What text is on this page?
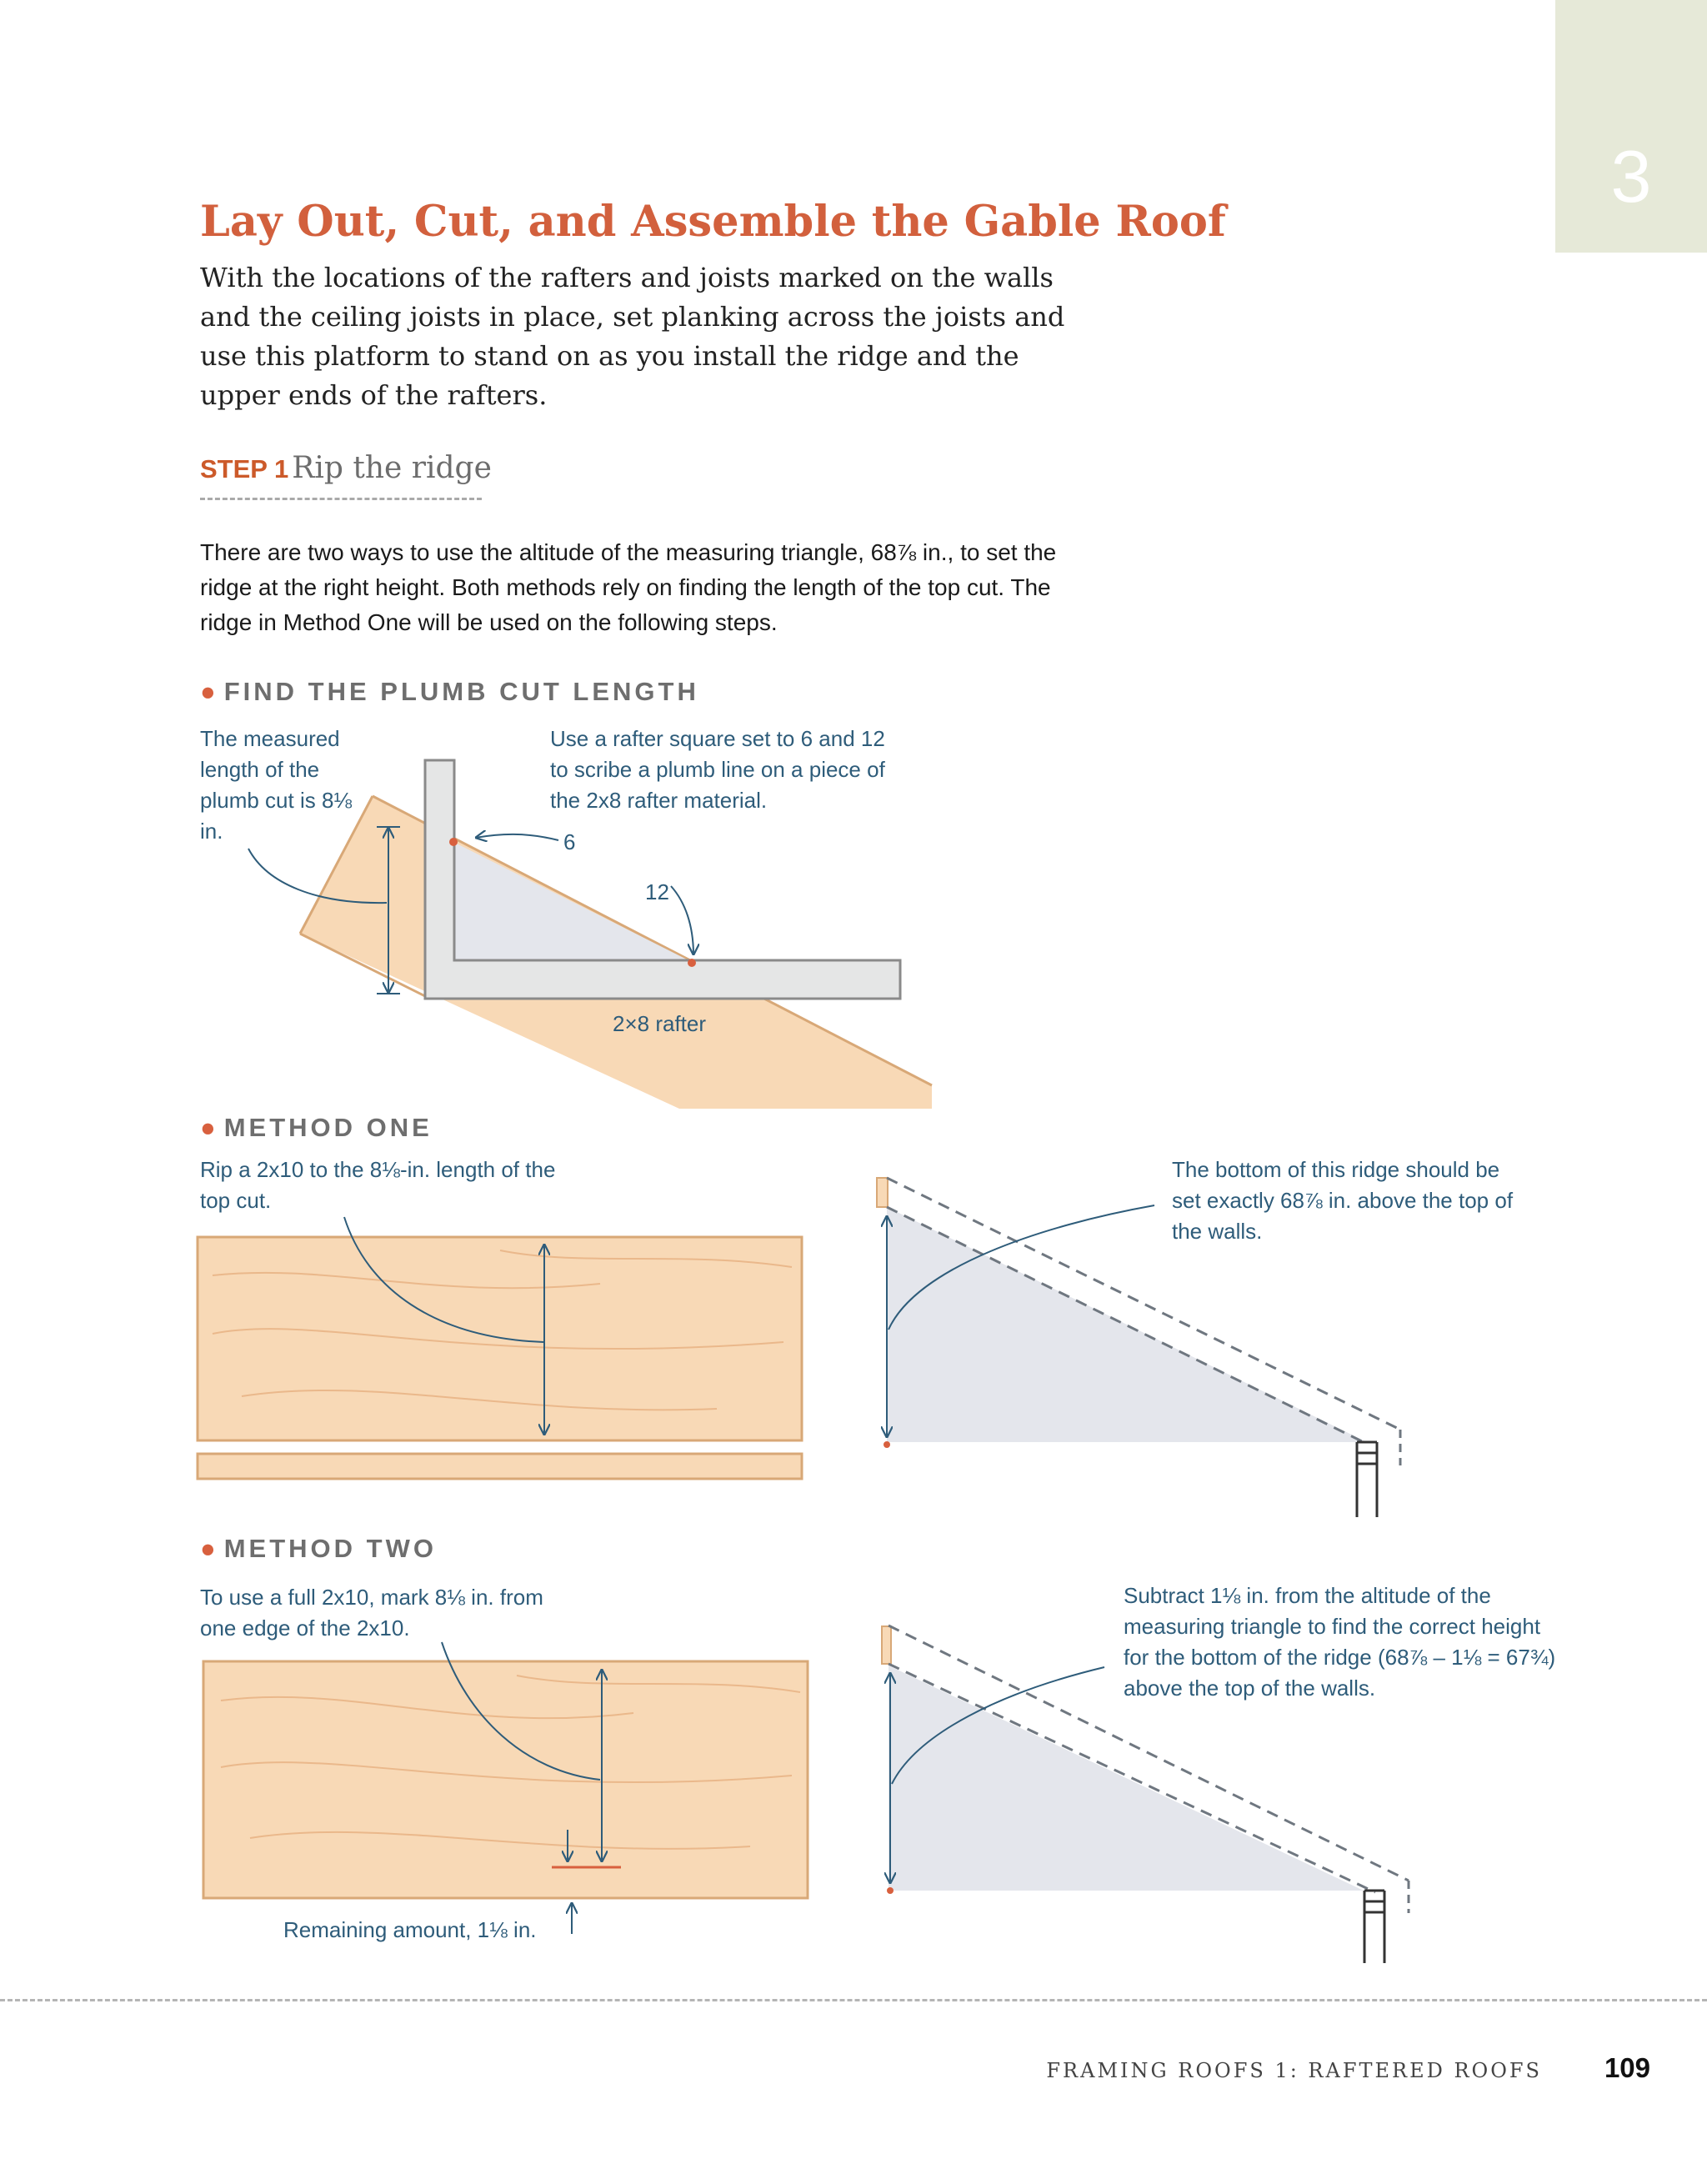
3
Lay Out, Cut, and Assemble the Gable Roof
With the locations of the rafters and joists marked on the walls and the ceiling joists in place, set planking across the joists and use this platform to stand on as you install the ridge and the upper ends of the rafters.
STEP 1 Rip the ridge
There are two ways to use the altitude of the measuring triangle, 68⅞ in., to set the ridge at the right height. Both methods rely on finding the length of the top cut. The ridge in Method One will be used on the following steps.
● FIND THE PLUMB CUT LENGTH
The measured length of the plumb cut is 8⅛ in.
Use a rafter square set to 6 and 12 to scribe a plumb line on a piece of the 2x8 rafter material.
6
12
2×8 rafter
● METHOD ONE
Rip a 2x10 to the 8⅛-in. length of the top cut.
The bottom of this ridge should be set exactly 68⅞ in. above the top of the walls.
● METHOD TWO
To use a full 2x10, mark 8⅛ in. from one edge of the 2x10.
Remaining amount, 1⅛ in.
Subtract 1⅛ in. from the altitude of the measuring triangle to find the correct height for the bottom of the ridge (68⅞ – 1⅛ = 67¾) above the top of the walls.
FRAMING ROOFS 1: RAFTERED ROOFS	109
